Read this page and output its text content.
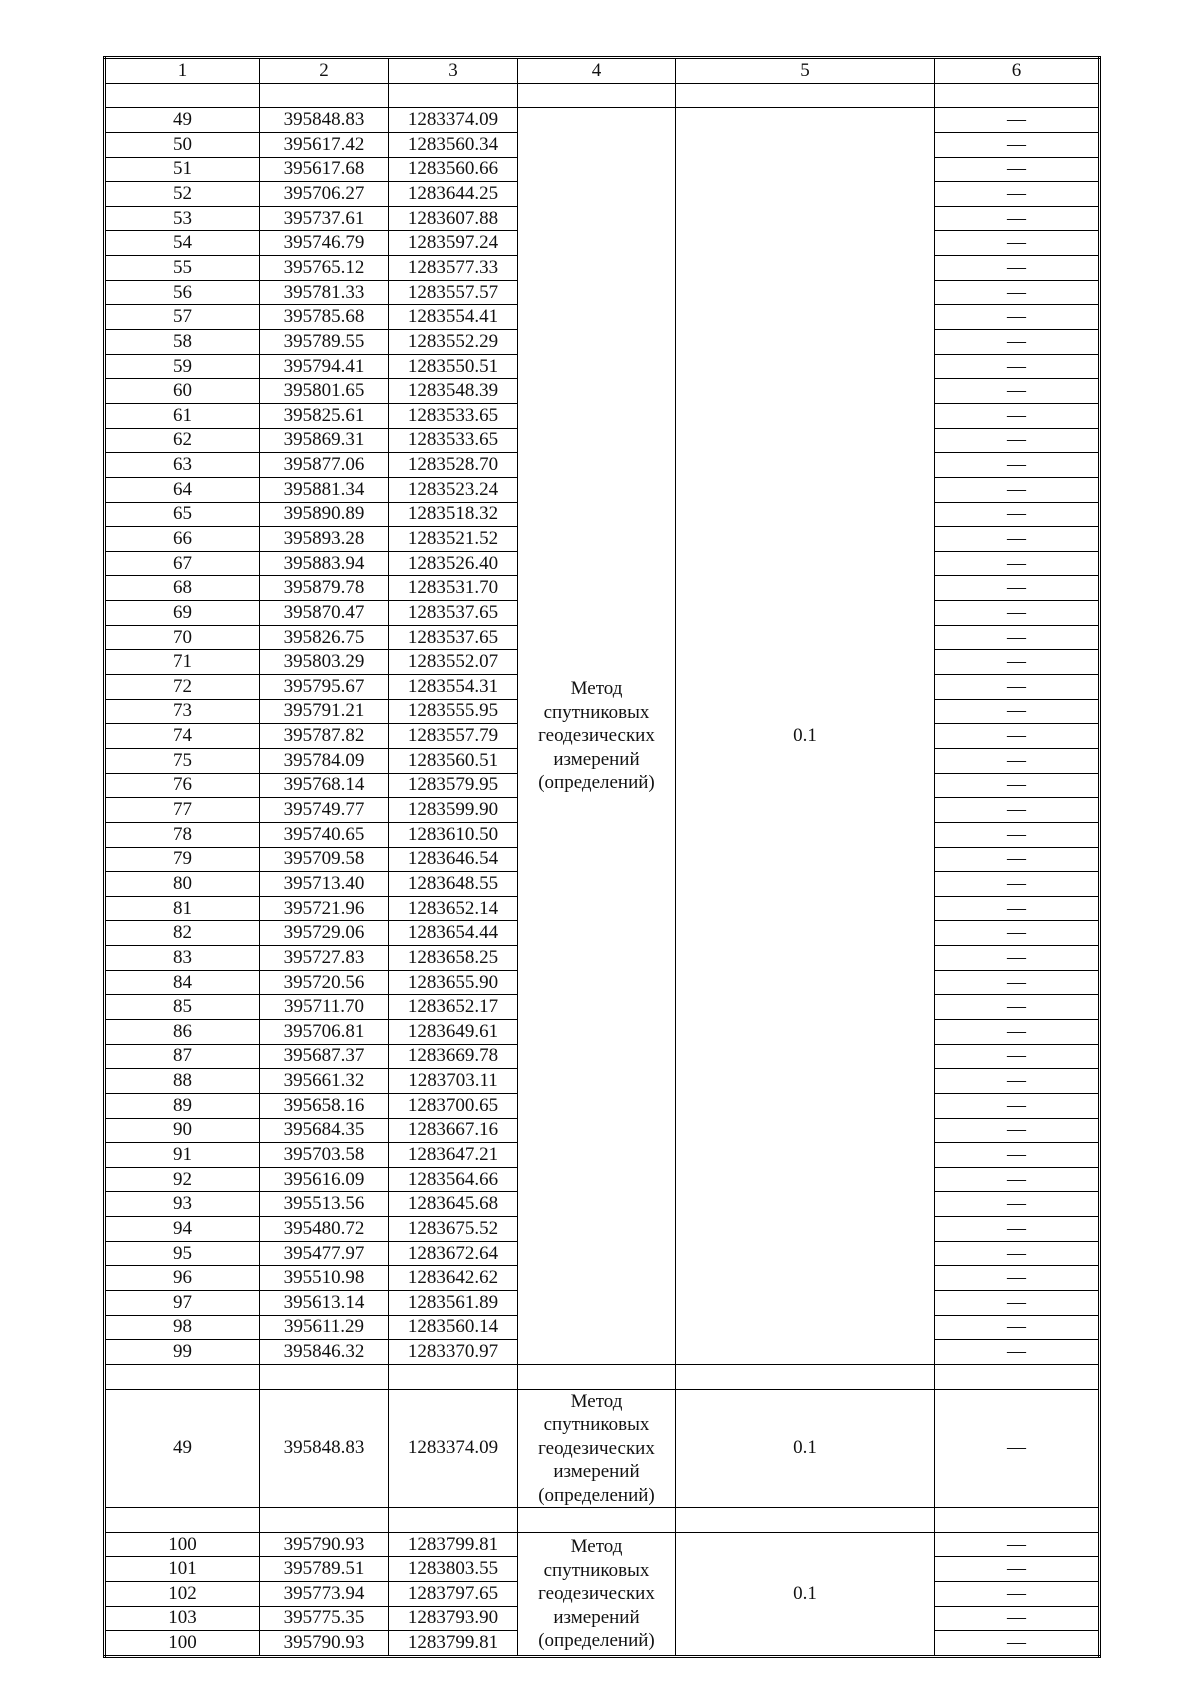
1	2	3	4	5	6

49	395848.83	1283374.09	Метод спутниковых геодезических измерений (определений)	0.1	—
50	395617.42	1283560.34			—
51	395617.68	1283560.66			—
52	395706.27	1283644.25			—
53	395737.61	1283607.88			—
54	395746.79	1283597.24			—
55	395765.12	1283577.33			—
56	395781.33	1283557.57			—
57	395785.68	1283554.41			—
58	395789.55	1283552.29			—
59	395794.41	1283550.51			—
60	395801.65	1283548.39			—
61	395825.61	1283533.65			—
62	395869.31	1283533.65			—
63	395877.06	1283528.70			—
64	395881.34	1283523.24			—
65	395890.89	1283518.32			—
66	395893.28	1283521.52			—
67	395883.94	1283526.40			—
68	395879.78	1283531.70			—
69	395870.47	1283537.65			—
70	395826.75	1283537.65			—
71	395803.29	1283552.07			—
72	395795.67	1283554.31			—
73	395791.21	1283555.95			—
74	395787.82	1283557.79			—
75	395784.09	1283560.51			—
76	395768.14	1283579.95			—
77	395749.77	1283599.90			—
78	395740.65	1283610.50			—
79	395709.58	1283646.54			—
80	395713.40	1283648.55			—
81	395721.96	1283652.14			—
82	395729.06	1283654.44			—
83	395727.83	1283658.25			—
84	395720.56	1283655.90			—
85	395711.70	1283652.17			—
86	395706.81	1283649.61			—
87	395687.37	1283669.78			—
88	395661.32	1283703.11			—
89	395658.16	1283700.65			—
90	395684.35	1283667.16			—
91	395703.58	1283647.21			—
92	395616.09	1283564.66			—
93	395513.56	1283645.68			—
94	395480.72	1283675.52			—
95	395477.97	1283672.64			—
96	395510.98	1283642.62			—
97	395613.14	1283561.89			—
98	395611.29	1283560.14			—
99	395846.32	1283370.97			—

49	395848.83	1283374.09	Метод спутниковых геодезических измерений (определений)	0.1	—

100	395790.93	1283799.81	Метод спутниковых геодезических измерений (определений)	0.1	—
101	395789.51	1283803.55			—
102	395773.94	1283797.65			—
103	395775.35	1283793.90			—
100	395790.93	1283799.81			—
